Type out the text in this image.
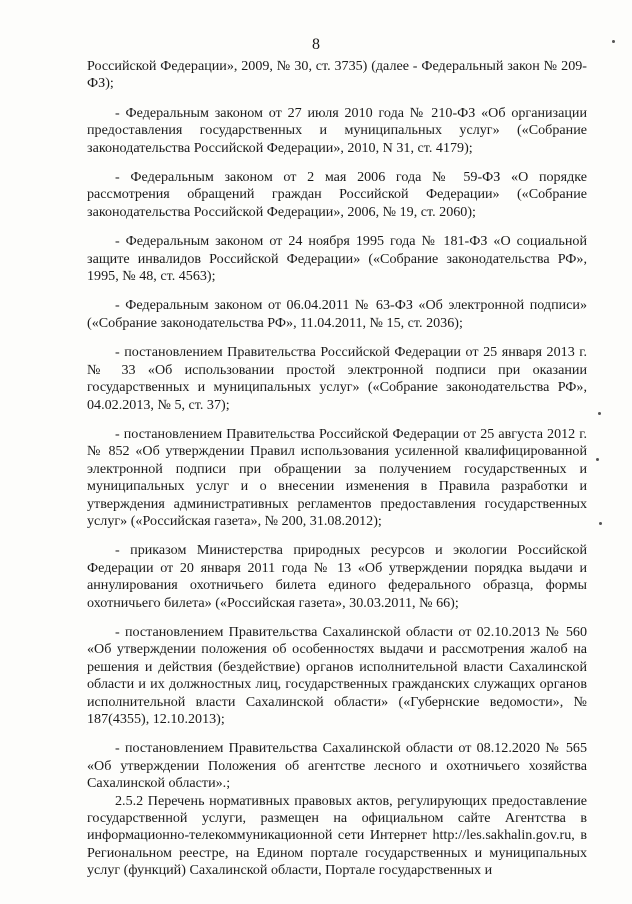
8

Российской Федерации», 2009, № 30, ст. 3735) (далее - Федеральный закон № 209-ФЗ);

- Федеральным законом от 27 июля 2010 года № 210-ФЗ «Об организации предоставления государственных и муниципальных услуг» («Собрание законодательства Российской Федерации», 2010, N 31, ст. 4179);

- Федеральным законом от 2 мая 2006 года № 59-ФЗ «О порядке рассмотрения обращений граждан Российской Федерации» («Собрание законодательства Российской Федерации», 2006, № 19, ст. 2060);

- Федеральным законом от 24 ноября 1995 года № 181-ФЗ «О социальной защите инвалидов Российской Федерации» («Собрание законодательства РФ», 1995, № 48, ст. 4563);

- Федеральным законом от 06.04.2011 № 63-ФЗ «Об электронной подписи» («Собрание законодательства РФ», 11.04.2011, № 15, ст. 2036);

- постановлением Правительства Российской Федерации от 25 января 2013 г. № 33 «Об использовании простой электронной подписи при оказании государственных и муниципальных услуг» («Собрание законодательства РФ», 04.02.2013, № 5, ст. 37);

- постановлением Правительства Российской Федерации от 25 августа 2012 г. № 852 «Об утверждении Правил использования усиленной квалифицированной электронной подписи при обращении за получением государственных и муниципальных услуг и о внесении изменения в Правила разработки и утверждения административных регламентов предоставления государственных услуг» («Российская газета», № 200, 31.08.2012);

- приказом Министерства природных ресурсов и экологии Российской Федерации от 20 января 2011 года № 13 «Об утверждении порядка выдачи и аннулирования охотничьего билета единого федерального образца, формы охотничьего билета» («Российская газета», 30.03.2011, № 66);

- постановлением Правительства Сахалинской области от 02.10.2013 № 560 «Об утверждении положения об особенностях выдачи и рассмотрения жалоб на решения и действия (бездействие) органов исполнительной власти Сахалинской области и их должностных лиц, государственных гражданских служащих органов исполнительной власти Сахалинской области» («Губернские ведомости», № 187(4355), 12.10.2013);

- постановлением Правительства Сахалинской области от 08.12.2020 № 565 «Об утверждении Положения об агентстве лесного и охотничьего хозяйства Сахалинской области».;

2.5.2 Перечень нормативных правовых актов, регулирующих предоставление государственной услуги, размещен на официальном сайте Агентства в информационно-телекоммуникационной сети Интернет http://les.sakhalin.gov.ru, в Региональном реестре, на Едином портале государственных и муниципальных услуг (функций) Сахалинской области, Портале государственных и
